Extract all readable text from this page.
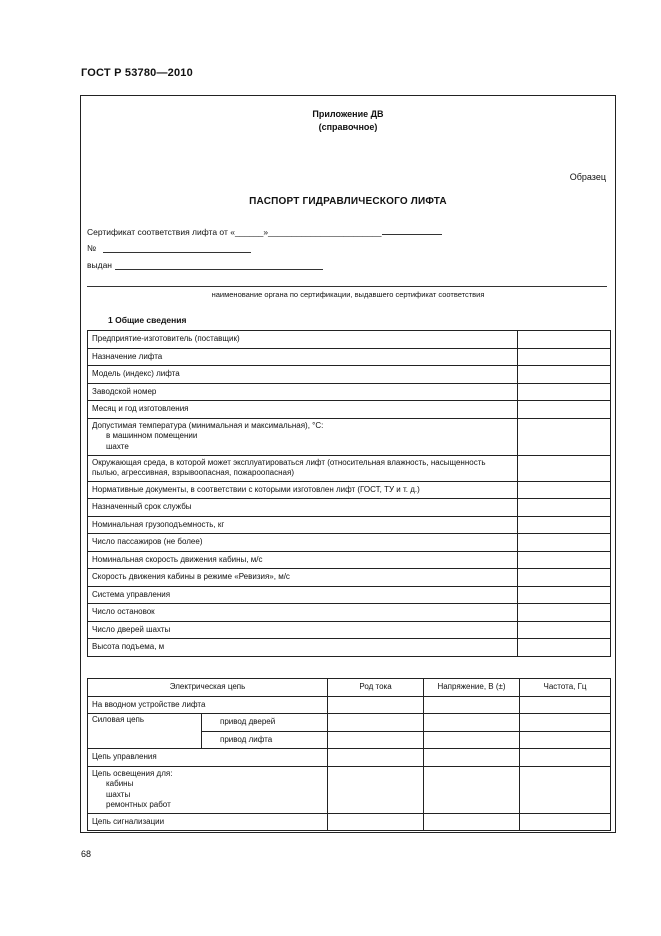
ГОСТ Р 53780—2010
Приложение ДВ
(справочное)
Образец
ПАСПОРТ ГИДРАВЛИЧЕСКОГО ЛИФТА
Сертификат соответствия лифта от «______»________________________
№
выдан
наименование органа по сертификации, выдавшего сертификат соответствия
1 Общие сведения
Предприятие-изготовитель (поставщик)	
Назначение лифта	
Модель (индекс) лифта	
Заводской номер	
Месяц и год изготовления	
Допустимая температура (минимальная и максимальная), °С:
в машинном помещении
шахте	

Окружающая среда, в которой может эксплуатироваться лифт (относительная влажность, насыщенность пылью, агрессивная, взрывоопасная, пожароопасная)	
Нормативные документы, в соответствии с которыми изготовлен лифт (ГОСТ, ТУ и т. д.)	
Назначенный срок службы	
Номинальная грузоподъемность, кг	
Число пассажиров (не более)	
Номинальная скорость движения кабины, м/с	
Скорость движения кабины в режиме «Ревизия», м/с	
Система управления	
Число остановок	
Число дверей шахты	
Высота подъема, м	
Электрическая цепь		Род тока	Напряжение, В (±)	Частота, Гц
На вводном устройстве лифта				
Силовая цепь	привод дверей			
	привод лифта			
Цепь управления				
Цепь освещения для:
кабины
шахты
ремонтных работ				

Цепь сигнализации				
68
